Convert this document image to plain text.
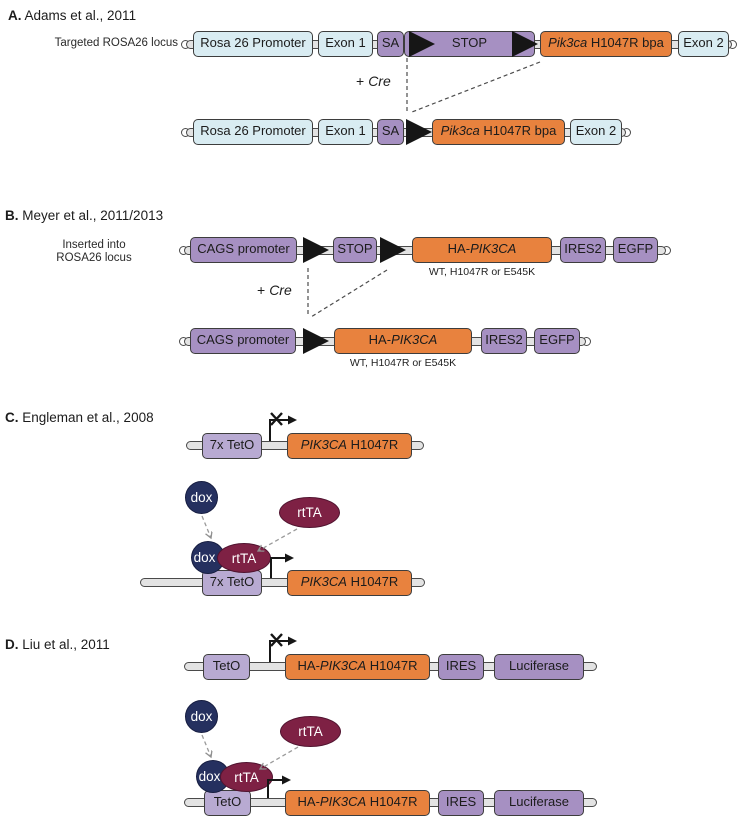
A. Adams et al., 2011
Targeted ROSA26 locus	Rosa 26 Promoter	Exon 1	SA	STOP	Pik3ca H1047R bpa	Exon 2
+ Cre
Rosa 26 Promoter	Exon 1	SA	Pik3ca H1047R bpa	Exon 2
B. Meyer et al., 2011/2013
Inserted into
ROSA26 locus
CAGS promoter	STOP	HA-PIK3CA
WT, H1047R or E545K
IRES2	EGFP
+ Cre
CAGS promoter	HA-PIK3CA
WT, H1047R or E545K
IRES2	EGFP
C. Engleman et al., 2008
7x TetO	PIK3CA H1047R
dox
rtTA
dox rtTA
7x TetO	PIK3CA H1047R
D. Liu et al., 2011
TetO	HA-PIK3CA H1047R	IRES	Luciferase
dox
rtTA
dox rtTA
TetO	HA-PIK3CA H1047R	IRES	Luciferase
